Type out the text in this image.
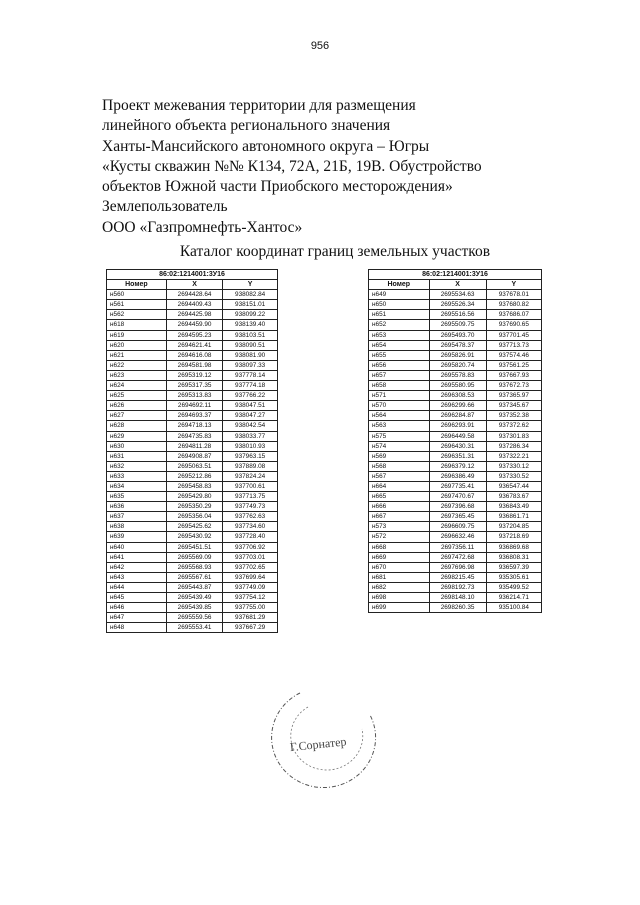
956
Проект межевания территории для размещения
линейного объекта регионального значения
Ханты-Мансийского автономного округа – Югры
«Кусты скважин №№ К134, 72А, 21Б, 19В. Обустройство
объектов Южной части Приобского месторождения»
Землепользователь
ООО «Газпромнефть-Хантос»
Каталог координат границ земельных участков
86:02:1214001:3У16		
Номер	X	Y
н560	2694428.64	938082.84
н561	2694409.43	938151.01
н562	2694425.98	938099.22
н618	2694459.90	938139.40
н619	2694595.23	938103.51
н620	2694621.41	938090.51
н621	2694616.08	938081.90
н622	2694581.98	938097.33
н623	2695319.12	937778.14
н624	2695317.35	937774.18
н625	2695313.83	937766.22
н626	2694692.11	938047.51
н627	2694693.37	938047.27
н628	2694718.13	938042.54
н629	2694735.83	938033.77
н630	2694811.28	938010.93
н631	2694908.87	937963.15
н632	2695063.51	937889.08
н633	2695212.86	937824.24
н634	2695458.83	937700.61
н635	2695429.80	937713.75
н636	2695350.29	937749.73
н637	2695356.04	937762.63
н638	2695425.62	937734.60
н639	2695430.92	937728.40
н640	2695451.51	937706.92
н641	2695569.09	937703.01
н642	2695568.93	937702.65
н643	2695567.61	937699.64
н644	2695443.87	937749.09
н645	2695439.49	937754.12
н646	2695439.85	937755.00
н647	2695559.56	937681.29
н648	2695553.41	937667.29
86:02:1214001:3У16		
Номер	X	Y
н649	2695534.63	937678.01
н650	2695526.34	937680.82
н651	2695516.56	937686.07
н652	2695509.75	937690.65
н653	2695493.70	937701.45
н654	2695478.37	937713.73
н655	2695826.91	937574.46
н656	2695820.74	937561.25
н657	2695578.83	937667.93
н658	2695580.95	937672.73
н571	2696308.53	937365.97
н570	2696299.66	937345.67
н564	2696284.87	937352.38
н563	2696293.91	937372.62
н575	2696449.58	937301.83
н574	2696430.31	937286.34
н569	2696351.31	937322.21
н568	2696379.12	937330.12
н567	2696386.49	937330.52
н664	2697735.41	936547.44
н665	2697470.67	936783.67
н666	2697396.68	936843.49
н667	2697365.45	936861.71
н573	2696609.75	937204.85
н572	2696632.46	937218.69
н668	2697356.11	936869.68
н669	2697472.68	936808.31
н670	2697696.98	936597.39
н681	2698215.45	935305.61
н682	2698192.73	935499.52
н698	2698148.10	936214.71
н699	2698260.35	935100.84
Г.Сорнатер
